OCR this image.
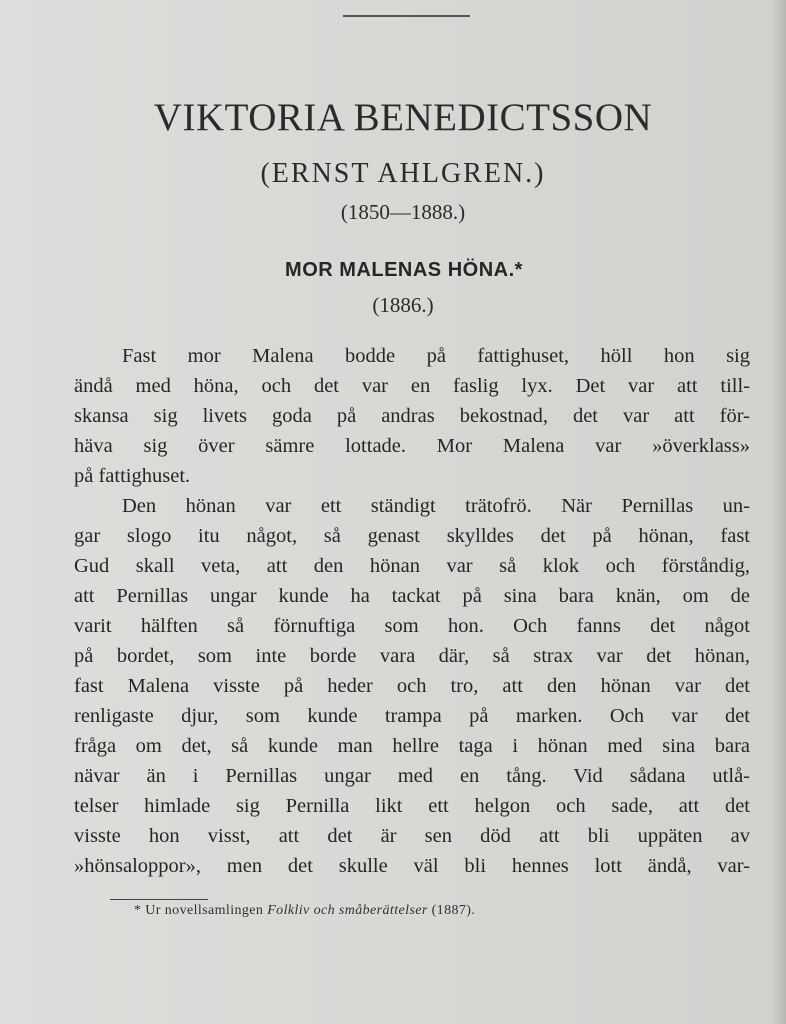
VIKTORIA BENEDICTSSON
(ERNST AHLGREN.)
(1850—1888.)
MOR MALENAS HÖNA.*
(1886.)
Fast mor Malena bodde på fattighuset, höll hon sig
ändå med höna, och det var en faslig lyx. Det var att till-
skansa sig livets goda på andras bekostnad, det var att för-
häva sig över sämre lottade. Mor Malena var »överklass»
på fattighuset.
Den hönan var ett ständigt trätofrö. När Pernillas un-
gar slogo itu något, så genast skylldes det på hönan, fast
Gud skall veta, att den hönan var så klok och förståndig,
att Pernillas ungar kunde ha tackat på sina bara knän, om de
varit hälften så förnuftiga som hon. Och fanns det något
på bordet, som inte borde vara där, så strax var det hönan,
fast Malena visste på heder och tro, att den hönan var det
renligaste djur, som kunde trampa på marken. Och var det
fråga om det, så kunde man hellre taga i hönan med sina bara
nävar än i Pernillas ungar med en tång. Vid sådana utlå-
telser himlade sig Pernilla likt ett helgon och sade, att det
visste hon visst, att det är sen död att bli uppäten av
»hönsaloppor», men det skulle väl bli hennes lott ändå, var-
* Ur novellsamlingen Folkliv och småberättelser (1887).
